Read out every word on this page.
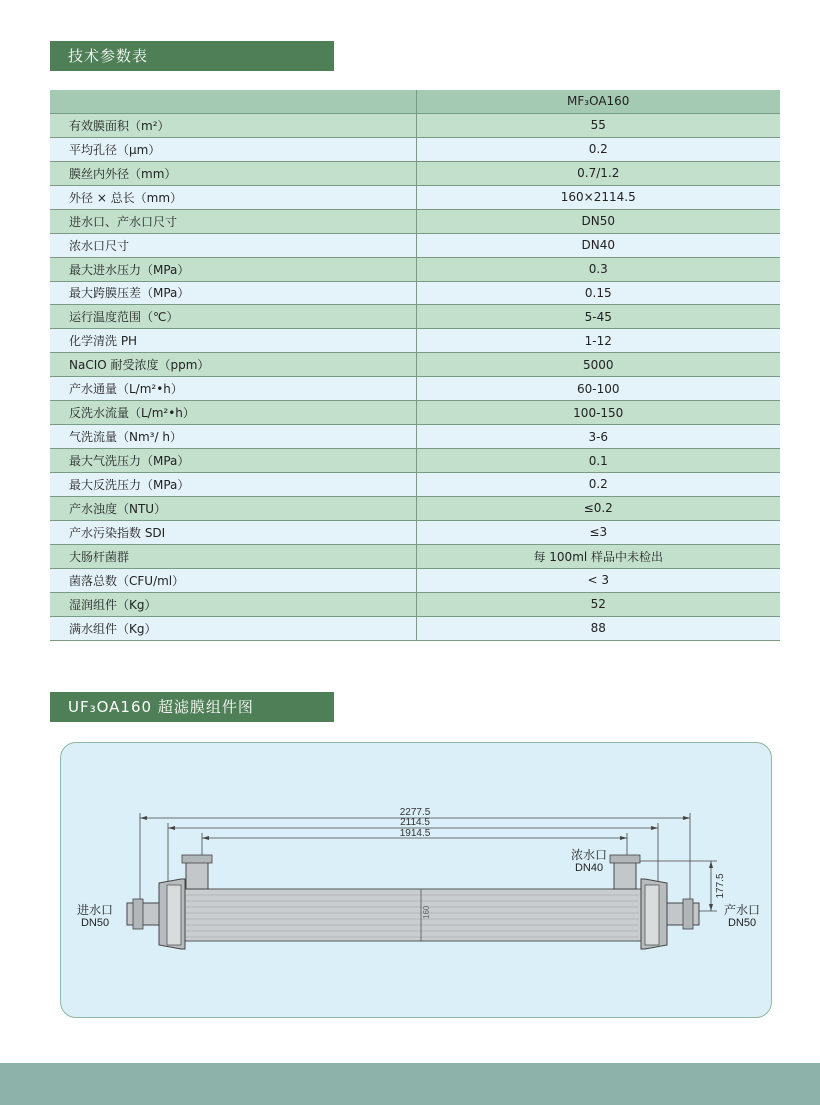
技术参数表
	MF₃OA160
有效膜面积（m²）	55
平均孔径（μm）	0.2
膜丝内外径（mm）	0.7/1.2
外径 × 总长（mm）	160×2114.5
进水口、产水口尺寸	DN50
浓水口尺寸	DN40
最大进水压力（MPa）	0.3
最大跨膜压差（MPa）	0.15
运行温度范围（℃）	5-45
化学清洗 PH	1-12
NaCIO 耐受浓度（ppm）	5000
产水通量（L/m²•h）	60-100
反洗水流量（L/m²•h）	100-150
气洗流量（Nm³/ h）	3-6
最大气洗压力（MPa）	0.1
最大反洗压力（MPa）	0.2
产水浊度（NTU）	≤0.2
产水污染指数 SDI	≤3
大肠杆菌群	每 100ml 样品中未检出
菌落总数（CFU/ml）	< 3
湿润组件（Kg）	52
满水组件（Kg）	88
UF₃OA160 超滤膜组件图
2277.5
2114.5
1914.5
177.5
160
进水口
DN50
浓水口
DN40
产水口
DN50
